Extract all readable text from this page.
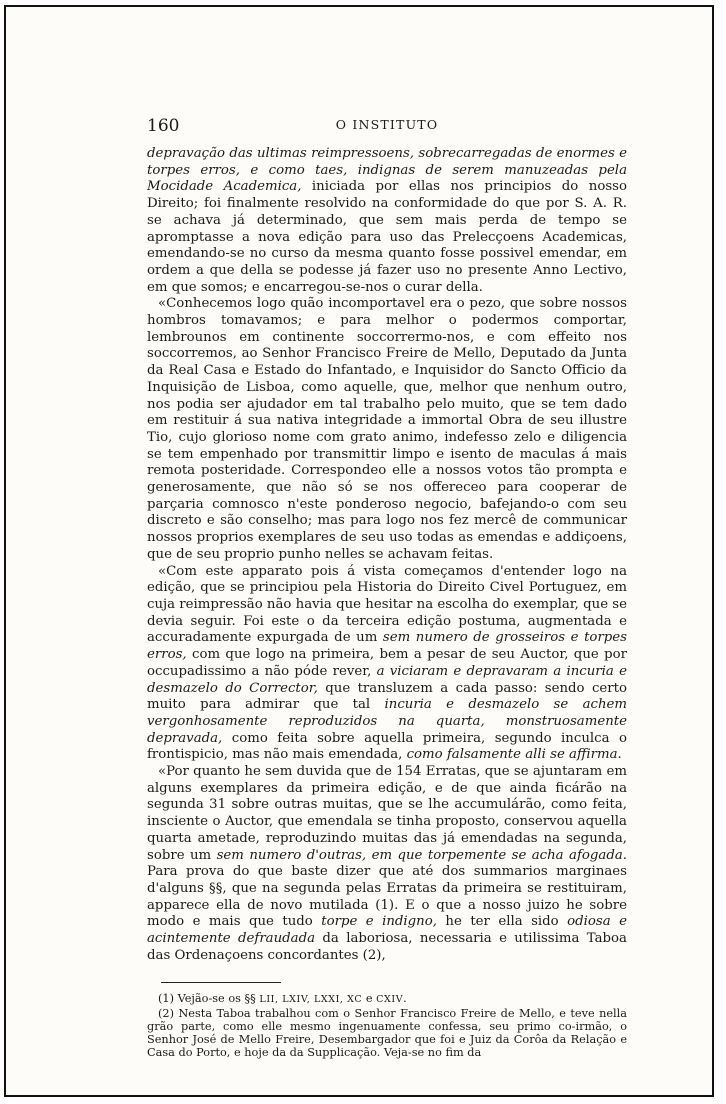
160	O INSTITUTO

depravação das ultimas reimpressoens, sobrecarregadas de enormes e torpes erros, e como taes, indignas de serem manuzeadas pela Mocidade Academica, iniciada por ellas nos principios do nosso Direito; foi finalmente resolvido na conformidade do que por S. A. R. se achava já determinado, que sem mais perda de tempo se apromptasse a nova edição para uso das Prelecçoens Academicas, emendando-se no curso da mesma quanto fosse possivel emendar, em ordem a que della se podesse já fazer uso no presente Anno Lectivo, em que somos; e encarregou-se-nos o curar della.

«Conhecemos logo quão incomportavel era o pezo, que sobre nossos hombros tomavamos; e para melhor o podermos comportar, lembrounos em continente soccorrermo-nos, e com effeito nos soccorremos, ao Senhor Francisco Freire de Mello, Deputado da Junta da Real Casa e Estado do Infantado, e Inquisidor do Sancto Officio da Inquisição de Lisboa, como aquelle, que, melhor que nenhum outro, nos podia ser ajudador em tal trabalho pelo muito, que se tem dado em restituir á sua nativa integridade a immortal Obra de seu illustre Tio, cujo glorioso nome com grato animo, indefesso zelo e diligencia se tem empenhado por transmittir limpo e isento de maculas á mais remota posteridade. Correspondeo elle a nossos votos tão prompta e generosamente, que não só se nos offereceo para cooperar de parçaria comnosco n'este ponderoso negocio, bafejando-o com seu discreto e são conselho; mas para logo nos fez mercê de communicar nossos proprios exemplares de seu uso todas as emendas e addiçoens, que de seu proprio punho nelles se achavam feitas.

«Com este apparato pois á vista começamos d'entender logo na edição, que se principiou pela Historia do Direito Civel Portuguez, em cuja reimpressão não havia que hesitar na escolha do exemplar, que se devia seguir. Foi este o da terceira edição postuma, augmentada e accuradamente expurgada de um sem numero de grosseiros e torpes erros, com que logo na primeira, bem a pesar de seu Auctor, que por occupadissimo a não póde rever, a viciaram e depravaram a incuria e desmazelo do Corrector, que transluzem a cada passo: sendo certo muito para admirar que tal incuria e desmazelo se achem vergonhosamente reproduzidos na quarta, monstruosamente depravada, como feita sobre aquella primeira, segundo inculca o frontispicio, mas não mais emendada, como falsamente alli se affirma.

«Por quanto he sem duvida que de 154 Erratas, que se ajuntaram em alguns exemplares da primeira edição, e de que ainda ficárão na segunda 31 sobre outras muitas, que se lhe accumulárão, como feita, insciente o Auctor, que emendala se tinha proposto, conservou aquella quarta ametade, reproduzindo muitas das já emendadas na segunda, sobre um sem numero d'outras, em que torpemente se acha afogada. Para prova do que baste dizer que até dos summarios marginaes d'alguns §§, que na segunda pelas Erratas da primeira se restituiram, apparece ella de novo mutilada (1). E o que a nosso juizo he sobre modo e mais que tudo torpe e indigno, he ter ella sido odiosa e acintemente defraudada da laboriosa, necessaria e utilissima Taboa das Ordenaçoens concordantes (2),

(1) Vejão-se os §§ LII, LXIV, LXXI, XC e CXIV.

(2) Nesta Taboa trabalhou com o Senhor Francisco Freire de Mello, e teve nella grão parte, como elle mesmo ingenuamente confessa, seu primo co-irmão, o Senhor José de Mello Freire, Desembargador que foi e Juiz da Corôa da Relação e Casa do Porto, e hoje da da Supplicação. Veja-se no fim da
